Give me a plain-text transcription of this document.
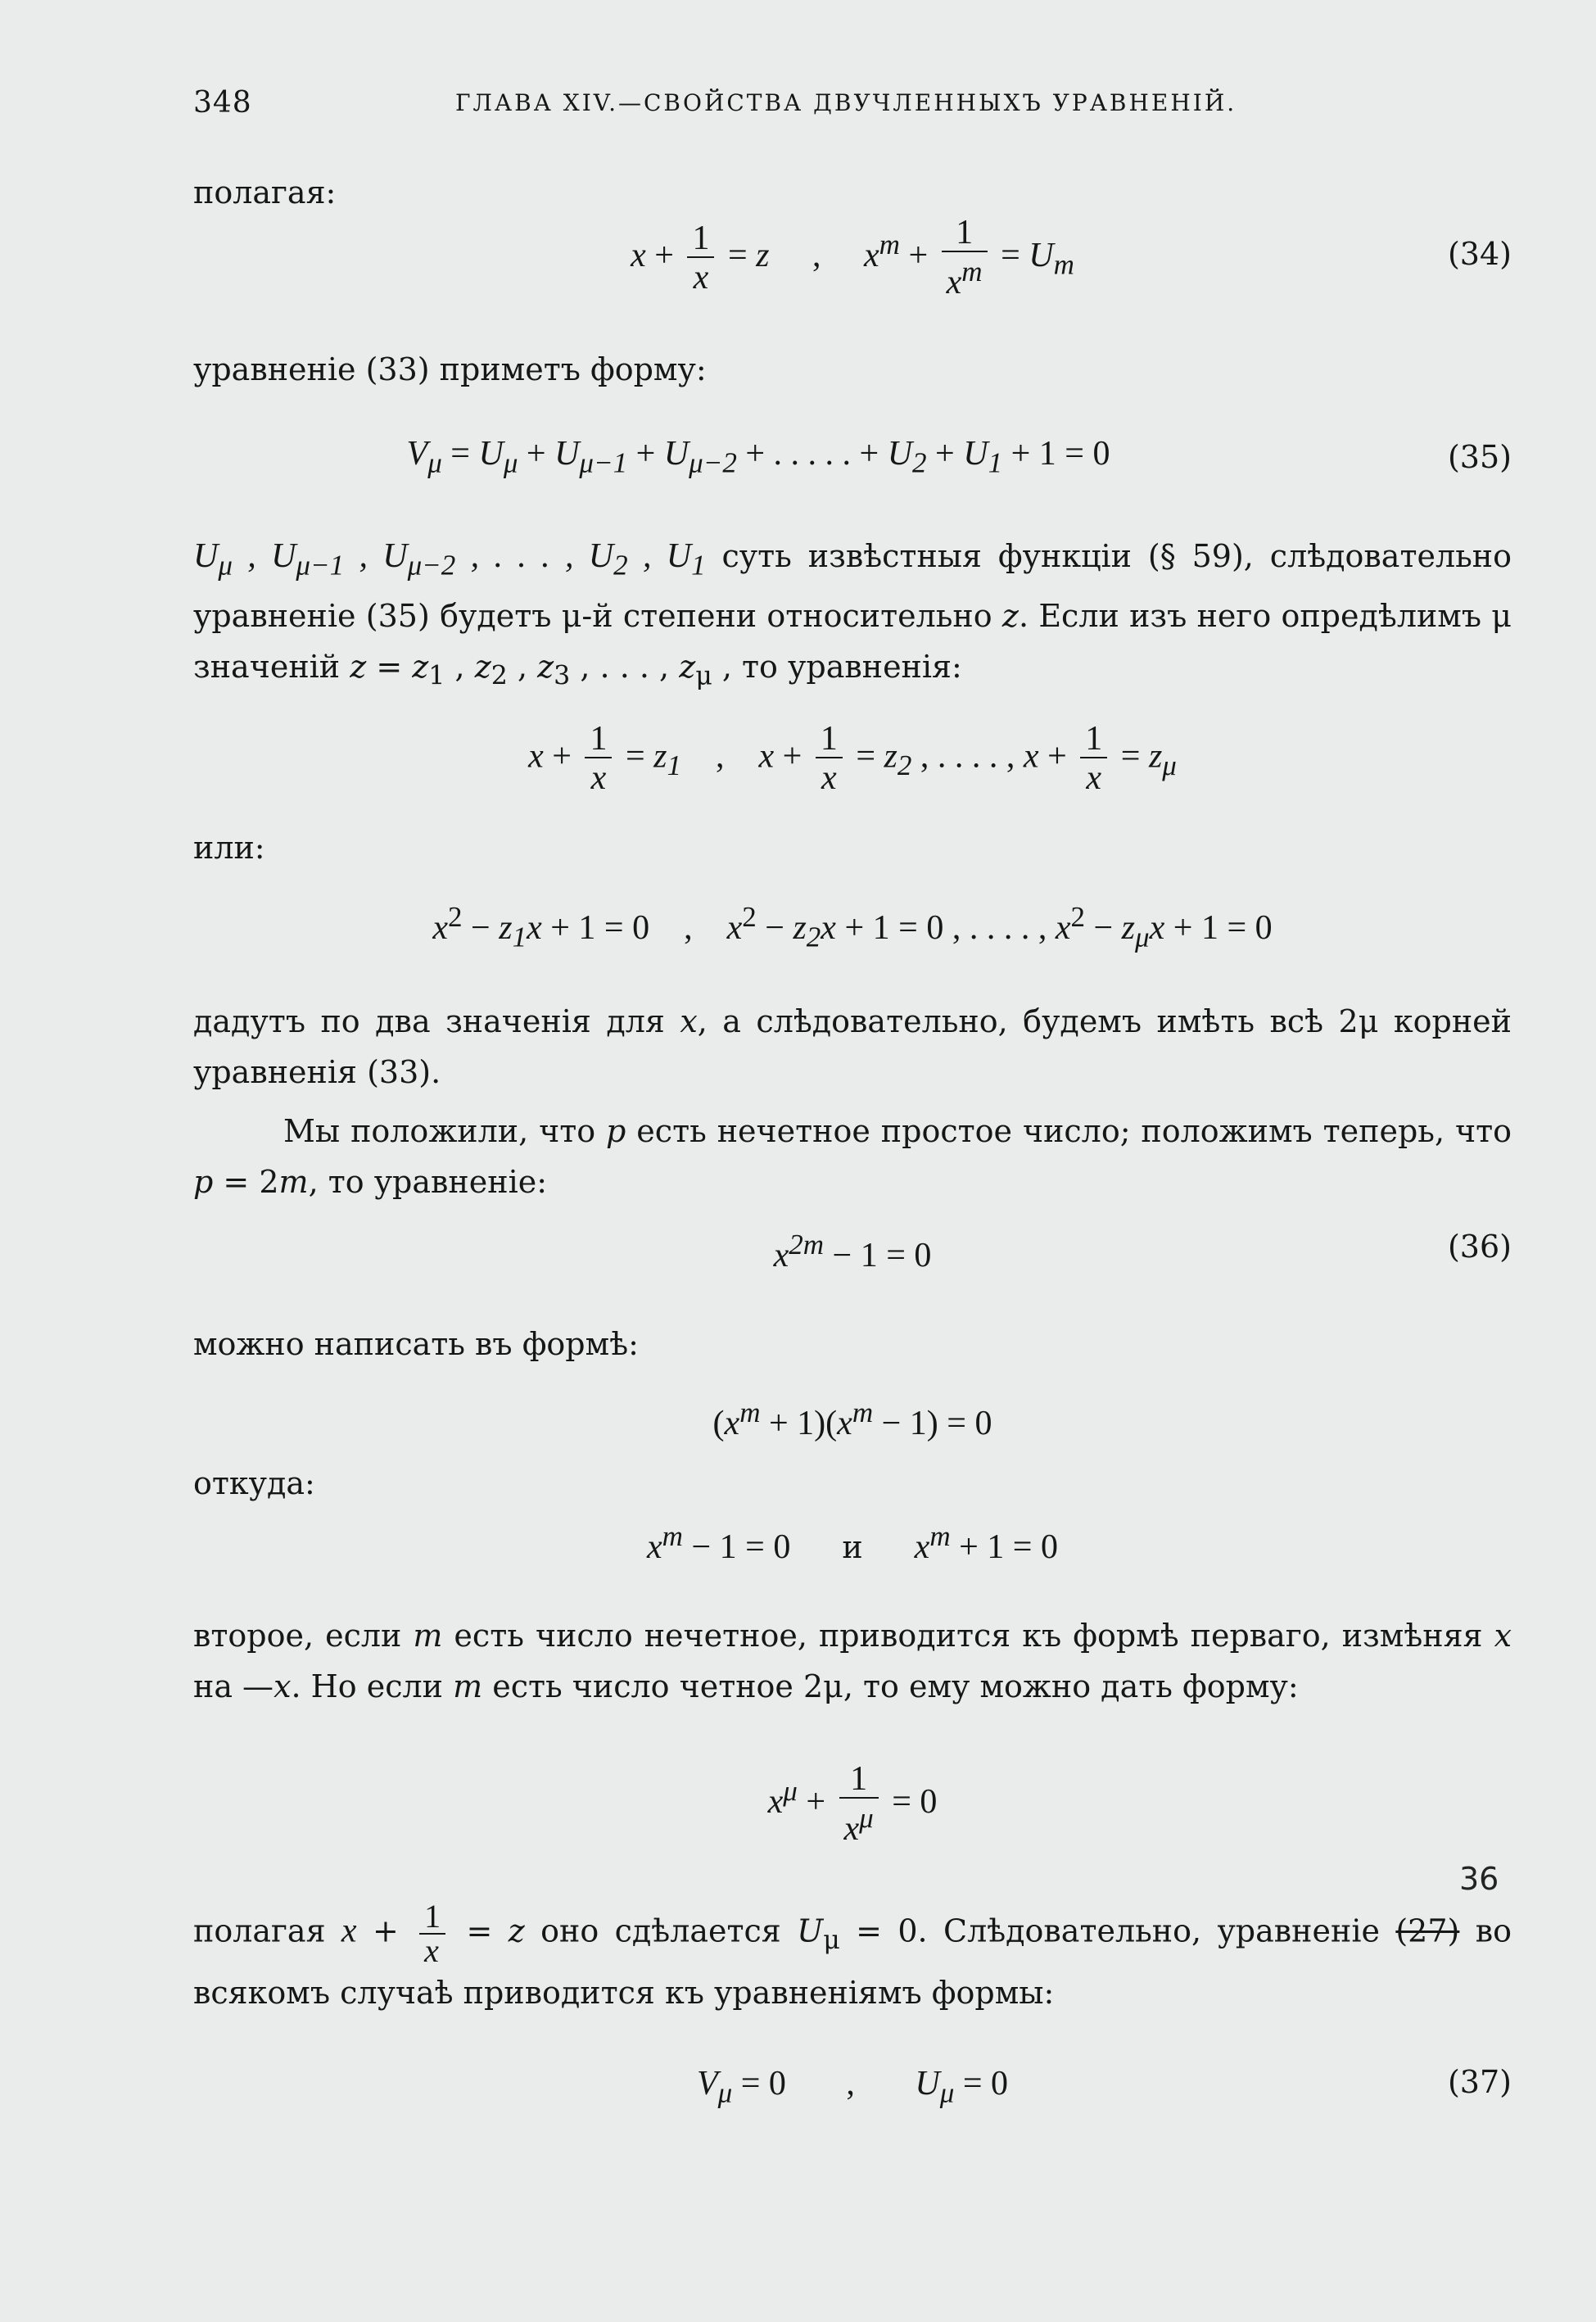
348	ГЛАВА XIV.—СВОЙСТВА ДВУЧЛЕННЫХЪ УРАВНЕНІЙ.
полагая:
$x + \frac{1}{x} = z$     ,     $x^m + \frac{1}{x^m} = U_m$	(34)
уравненіе (33) приметъ форму:
$V_\mu = U_\mu + U_{\mu-1} + U_{\mu-2}$ + . . . . . + $U_2 + U_1 + 1 = 0$	(35)
$U_\mu$ , $U_{\mu-1}$ , $U_{\mu-2}$ , . . . , $U_2$ , $U_1$ суть извѣстныя функціи (§ 59), слѣдовательно уравненіе (35) будетъ μ-й степени относительно z. Если изъ него опредѣлимъ μ значеній $z = z_1$ , $z_2$ , $z_3$ , . . . , $z_\mu$ , то уравненія:
$x + \frac{1}{x} = z_1$ ,    $x + \frac{1}{x} = z_2$ , . . . . , $x + \frac{1}{x} = z_\mu$
или:
$x^2 - z_1x + 1 = 0$ ,    $x^2 - z_2x + 1 = 0$ , . . . . , $x^2 - z_\mu x + 1 = 0$
дадутъ по два значенія для x, а слѣдовательно, будемъ имѣть всѣ 2μ корней уравненія (33).
Мы положили, что p есть нечетное простое число; положимъ теперь, что p = 2m, то уравненіе:
$x^{2m} - 1 = 0$	(36)
можно написать въ формѣ:
$(x^m + 1)(x^m - 1) = 0$
откуда:
$x^m - 1 = 0$ и      $x^m + 1 = 0$
второе, если m есть число нечетное, приводится къ формѣ перваго, измѣняя x на —x. Но если m есть число четное 2μ, то ему можно дать форму:
$x^\mu + \frac{1}{x^\mu} = 0$
36
полагая $x + \frac{1}{x} = z$ оно сдѣлается $U_\mu = 0$. Слѣдовательно, уравненіе (27) во всякомъ случаѣ приводится къ уравненіямъ формы:
$V_\mu = 0$ ,       $U_\mu = 0$	(37)
